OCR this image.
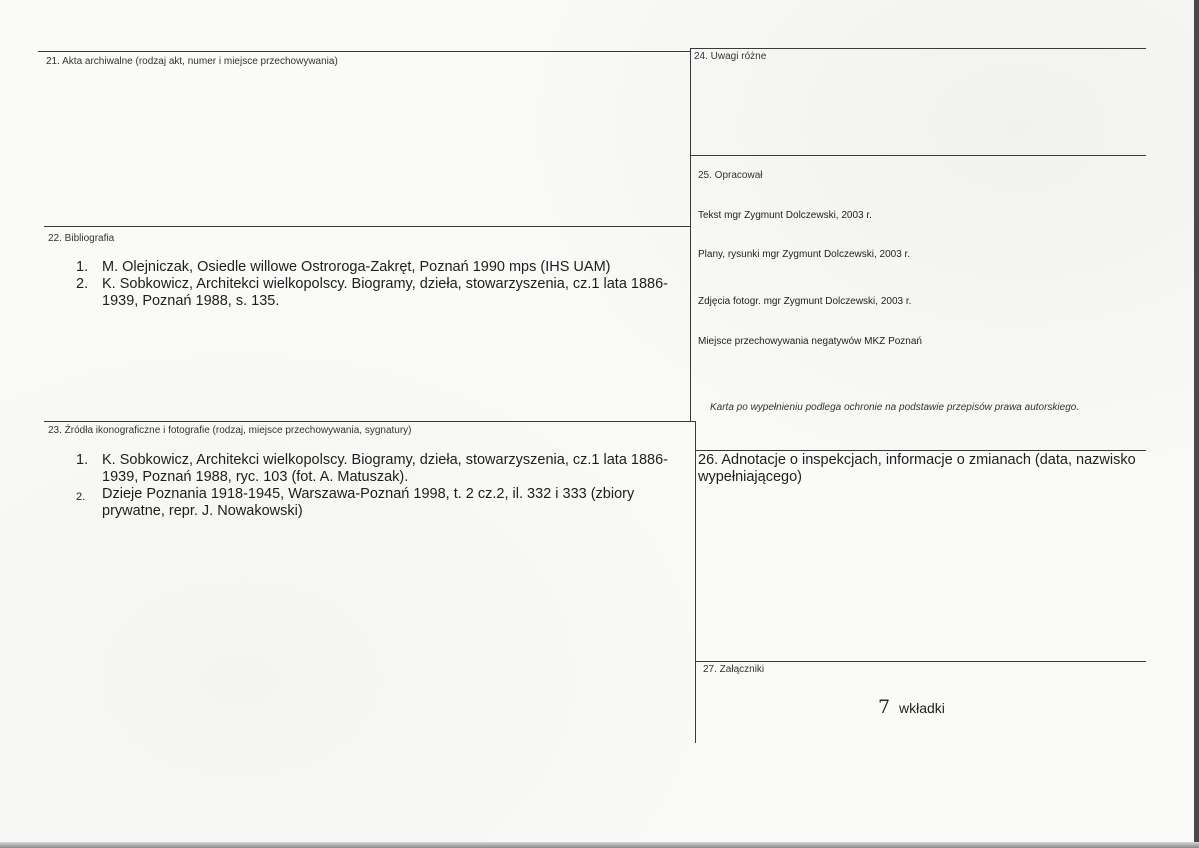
21. Akta archiwalne (rodzaj akt, numer i miejsce przechowywania)
22. Bibliografia
1. M. Olejniczak, Osiedle willowe Ostroroga-Zakręt, Poznań 1990 mps (IHS UAM)
2. K. Sobkowicz, Architekci wielkopolscy. Biogramy, dzieła, stowarzyszenia, cz.1 lata 1886-
1939, Poznań 1988, s. 135.
23. Źródła ikonograficzne i fotografie (rodzaj, miejsce przechowywania, sygnatury)
1. K. Sobkowicz, Architekci wielkopolscy. Biogramy, dzieła, stowarzyszenia, cz.1 lata 1886-
1939, Poznań 1988, ryc. 103 (fot. A. Matuszak).
2.	Dzieje Poznania 1918-1945, Warszawa-Poznań 1998, t. 2 cz.2, il. 332 i 333 (zbiory
prywatne, repr. J. Nowakowski)
24. Uwagi różne
25. Opracował
Tekst mgr Zygmunt Dolczewski, 2003 r.
Plany, rysunki mgr Zygmunt Dolczewski, 2003 r.
Zdjęcia fotogr. mgr Zygmunt Dolczewski, 2003 r.
Miejsce przechowywania negatywów MKZ Poznań
Karta po wypełnieniu podlega ochronie na podstawie przepisów prawa autorskiego.
26. Adnotacje o inspekcjach, informacje o zmianach (data, nazwisko
wypełniającego)
27. Załączniki
7 wkładki
